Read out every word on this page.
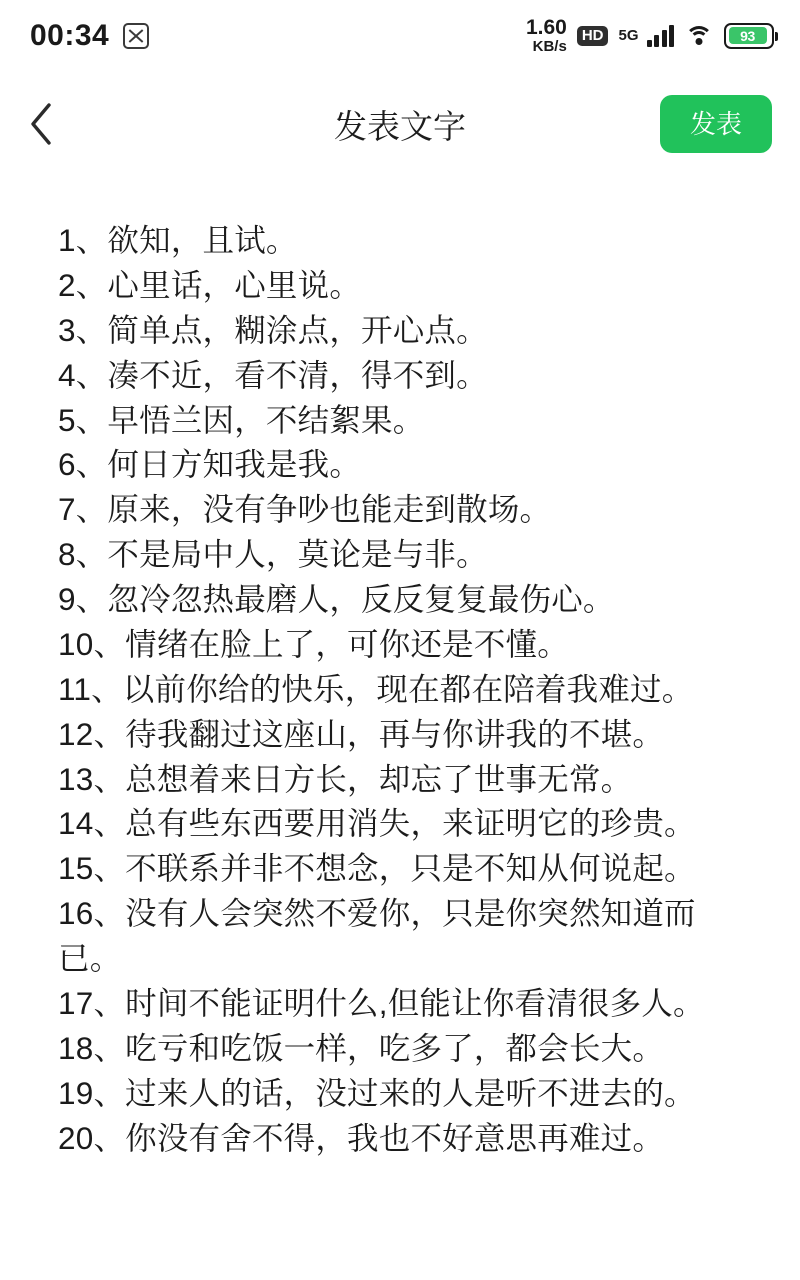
00:34	1.60
KB/s
HD	5G	93
发表文字	发表
1、欲知，且试。
2、心里话，心里说。
3、简单点，糊涂点，开心点。
4、凑不近，看不清，得不到。
5、早悟兰因，不结絮果。
6、何日方知我是我。
7、原来，没有争吵也能走到散场。
8、不是局中人，莫论是与非。
9、忽冷忽热最磨人，反反复复最伤心。
10、情绪在脸上了，可你还是不懂。
11、以前你给的快乐，现在都在陪着我难过。
12、待我翻过这座山，再与你讲我的不堪。
13、总想着来日方长，却忘了世事无常。
14、总有些东西要用消失，来证明它的珍贵。
15、不联系并非不想念，只是不知从何说起。
16、没有人会突然不爱你，只是你突然知道而已。
17、时间不能证明什么,但能让你看清很多人。
18、吃亏和吃饭一样，吃多了，都会长大。
19、过来人的话，没过来的人是听不进去的。
20、你没有舍不得，我也不好意思再难过。
